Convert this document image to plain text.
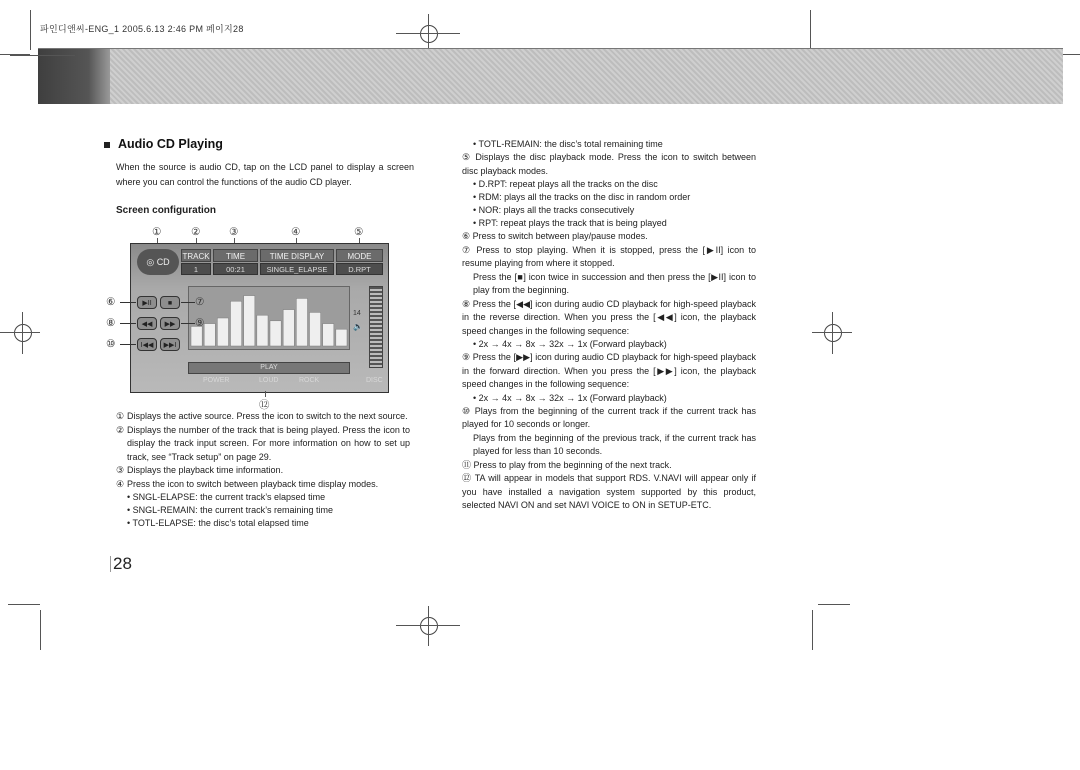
파인디앤씨-ENG_1 2005.6.13 2:46 PM 페이지28
Audio CD Playing
When the source is audio CD, tap on the LCD panel to display a screen where you can control the functions of the audio CD player.
Screen configuration
①	②	③	④	⑤
◎ CD
TRACK	TIME	TIME DISPLAY	MODE
1	00:21	SINGLE_ELAPSE	D.RPT
▶II	■
◀◀	▶▶
I◀◀	▶▶I
🔈
14
PLAY
POWER	LOUD	ROCK	DISC
⑥
⑧
⑩
⑦
⑨
⑫
① Displays the active source. Press the icon to switch to the next source.
② Displays the number of the track that is being played. Press the icon to display the track input screen. For more information on how to set up track, see “Track setup” on page 29.
③ Displays the playback time information.
④ Press the icon to switch between playback time display modes.
• SNGL-ELAPSE: the current track’s elapsed time
• SNGL-REMAIN: the current track’s remaining time
• TOTL-ELAPSE: the disc’s total elapsed time
• TOTL-REMAIN: the disc’s total remaining time
⑤ Displays the disc playback mode. Press the icon to switch between disc playback modes.
• D.RPT: repeat plays all the tracks on the disc
• RDM: plays all the tracks on the disc in random order
• NOR: plays all the tracks consecutively
• RPT: repeat plays the track that is being played
⑥ Press to switch between play/pause modes.
⑦ Press to stop playing. When it is stopped, press the [▶II] icon to resume playing from where it stopped.
Press the [■] icon twice in succession and then press the [▶II] icon to play from the beginning.
⑧ Press the [◀◀] icon during audio CD playback for high-speed playback in the reverse direction. When you press the [◀◀] icon, the playback speed changes in the following sequence:
• 2x → 4x → 8x → 32x → 1x (Forward playback)
⑨ Press the [▶▶] icon during audio CD playback for high-speed playback in the forward direction. When you press the [▶▶] icon, the playback speed changes in the following sequence:
• 2x → 4x → 8x → 32x → 1x (Forward playback)
⑩ Plays from the beginning of the current track if the current track has played for 10 seconds or longer.
Plays from the beginning of the previous track, if the current track has played for less than 10 seconds.
⑪ Press to play from the beginning of the next track.
⑫ TA will appear in models that support RDS. V.NAVI will appear only if you have installed a navigation system supported by this product, selected NAVI ON and set NAVI VOICE to ON in SETUP-ETC.
28
